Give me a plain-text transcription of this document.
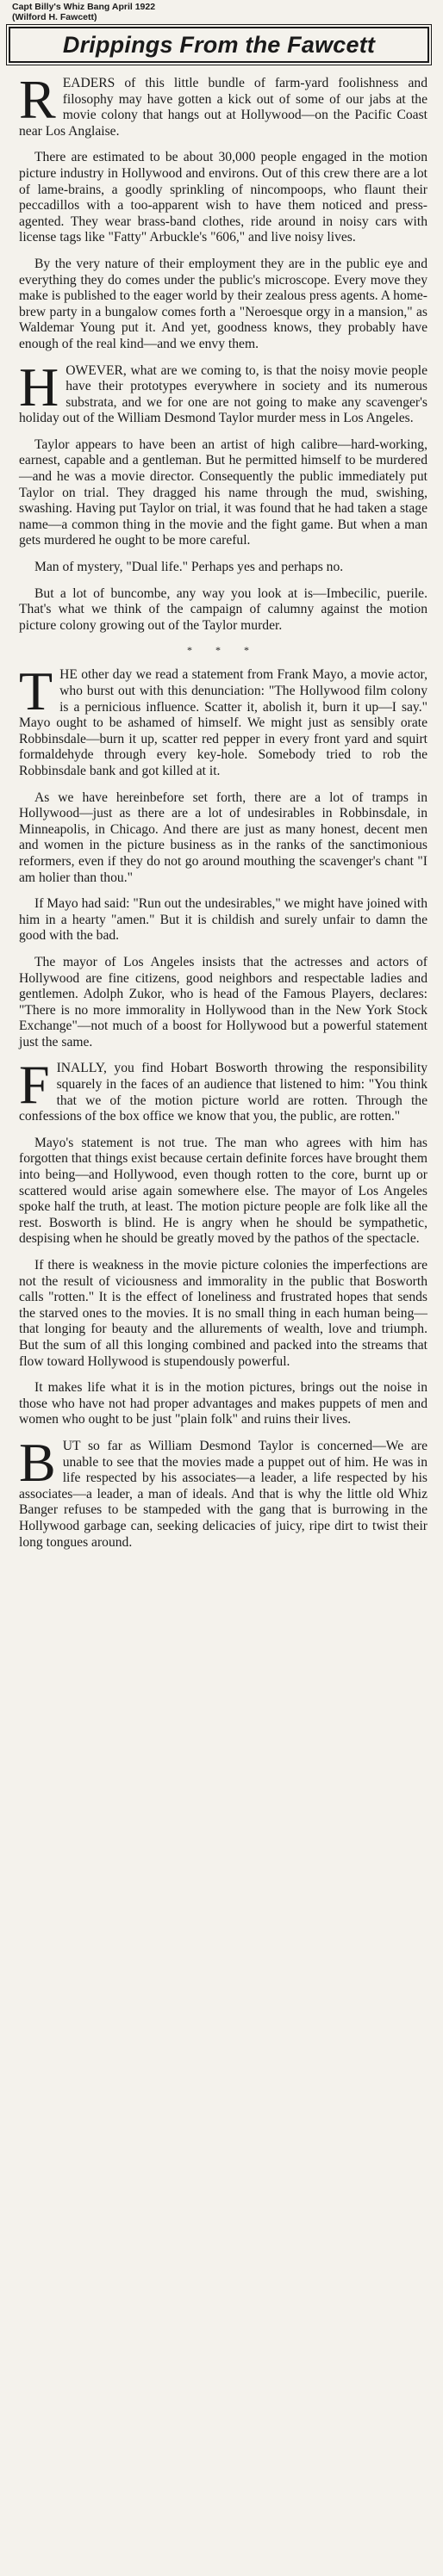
Capt Billy's Whiz Bang April 1922
(Wilford H. Fawcett)
Drippings From the Fawcett

READERS of this little bundle of farm-yard foolishness and filosophy may have gotten a kick out of some of our jabs at the movie colony that hangs out at Hollywood—on the Pacific Coast near Los Anglaise.

There are estimated to be about 30,000 people engaged in the motion picture industry in Hollywood and environs. Out of this crew there are a lot of lame-brains, a goodly sprinkling of nincompoops, who flaunt their peccadillos with a too-apparent wish to have them noticed and press-agented. They wear brass-band clothes, ride around in noisy cars with license tags like "Fatty" Arbuckle's "606," and live noisy lives.

By the very nature of their employment they are in the public eye and everything they do comes under the public's microscope. Every move they make is published to the eager world by their zealous press agents. A home-brew party in a bungalow comes forth a "Neroesque orgy in a mansion," as Waldemar Young put it. And yet, goodness knows, they probably have enough of the real kind—and we envy them.

HOWEVER, what are we coming to, is that the noisy movie people have their prototypes everywhere in society and its numerous substrata, and we for one are not going to make any scavenger's holiday out of the William Desmond Taylor murder mess in Los Angeles.

Taylor appears to have been an artist of high calibre—hard-working, earnest, capable and a gentleman. But he permitted himself to be murdered—and he was a movie director. Consequently the public immediately put Taylor on trial. They dragged his name through the mud, swishing, swashing. Having put Taylor on trial, it was found that he had taken a stage name—a common thing in the movie and the fight game. But when a man gets murdered he ought to be more careful.

Man of mystery, "Dual life." Perhaps yes and perhaps no.

But a lot of buncombe, any way you look at is—Imbecilic, puerile. That's what we think of the campaign of calumny against the motion picture colony growing out of the Taylor murder.

* * *

THE other day we read a statement from Frank Mayo, a movie actor, who burst out with this denunciation: "The Hollywood film colony is a pernicious influence. Scatter it, abolish it, burn it up—I say." Mayo ought to be ashamed of himself. We might just as sensibly orate Robbinsdale—burn it up, scatter red pepper in every front yard and squirt formaldehyde through every key-hole. Somebody tried to rob the Robbinsdale bank and got killed at it.

As we have hereinbefore set forth, there are a lot of tramps in Hollywood—just as there are a lot of undesirables in Robbinsdale, in Minneapolis, in Chicago. And there are just as many honest, decent men and women in the picture business as in the ranks of the sanctimonious reformers, even if they do not go around mouthing the scavenger's chant "I am holier than thou."

If Mayo had said: "Run out the undesirables," we might have joined with him in a hearty "amen." But it is childish and surely unfair to damn the good with the bad.

The mayor of Los Angeles insists that the actresses and actors of Hollywood are fine citizens, good neighbors and respectable ladies and gentlemen. Adolph Zukor, who is head of the Famous Players, declares: "There is no more immorality in Hollywood than in the New York Stock Exchange"—not much of a boost for Hollywood but a powerful statement just the same.

FINALLY, you find Hobart Bosworth throwing the responsibility squarely in the faces of an audience that listened to him: "You think that we of the motion picture world are rotten. Through the confessions of the box office we know that you, the public, are rotten."

Mayo's statement is not true. The man who agrees with him has forgotten that things exist because certain definite forces have brought them into being—and Hollywood, even though rotten to the core, burnt up or scattered would arise again somewhere else. The mayor of Los Angeles spoke half the truth, at least. The motion picture people are folk like all the rest. Bosworth is blind. He is angry when he should be sympathetic, despising when he should be greatly moved by the pathos of the spectacle.

If there is weakness in the movie picture colonies the imperfections are not the result of viciousness and immorality in the public that Bosworth calls "rotten." It is the effect of loneliness and frustrated hopes that sends the starved ones to the movies. It is no small thing in each human being—that longing for beauty and the allurements of wealth, love and triumph. But the sum of all this longing combined and packed into the streams that flow toward Hollywood is stupendously powerful.

It makes life what it is in the motion pictures, brings out the noise in those who have not had proper advantages and makes puppets of men and women who ought to be just "plain folk" and ruins their lives.

BUT so far as William Desmond Taylor is concerned—We are unable to see that the movies made a puppet out of him. He was in life respected by his associates—a leader, a life respected by his associates—a leader, a man of ideals. And that is why the little old Whiz Banger refuses to be stampeded with the gang that is burrowing in the Hollywood garbage can, seeking delicacies of juicy, ripe dirt to twist their long tongues around.
